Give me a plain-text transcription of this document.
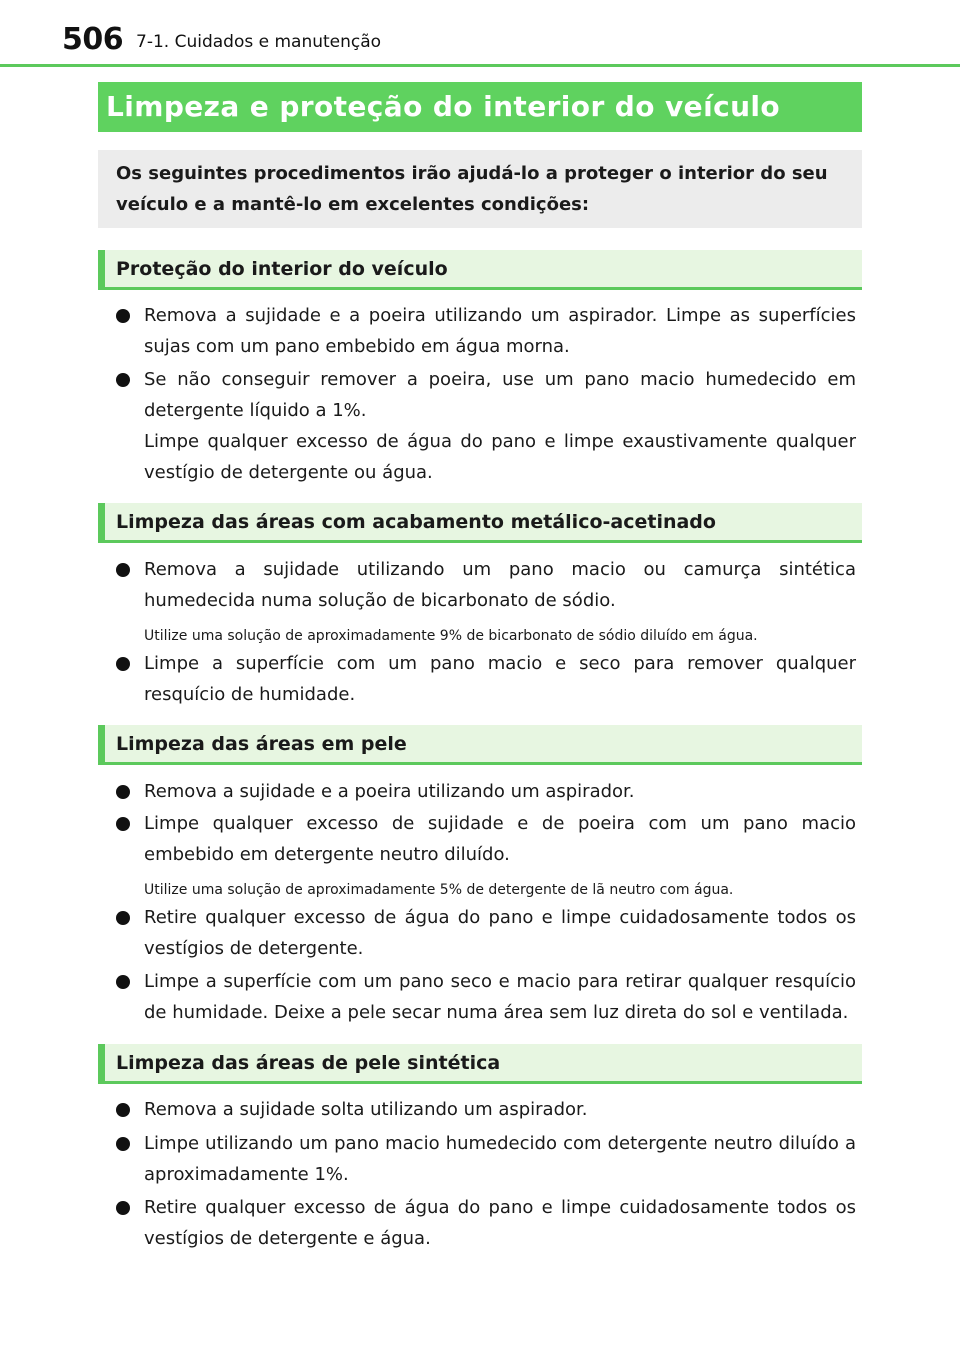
506 7-1. Cuidados e manutenção
Limpeza e proteção do interior do veículo
Os seguintes procedimentos irão ajudá-lo a proteger o interior do seu veículo e a mantê-lo em excelentes condições:
Proteção do interior do veículo
Remova a sujidade e a poeira utilizando um aspirador. Limpe as superfícies sujas com um pano embebido em água morna.
Se não conseguir remover a poeira, use um pano macio humedecido em detergente líquido a 1%.
Limpe qualquer excesso de água do pano e limpe exaustivamente qualquer vestígio de detergente ou água.
Limpeza das áreas com acabamento metálico-acetinado
Remova a sujidade utilizando um pano macio ou camurça sintética humedecida numa solução de bicarbonato de sódio.
Utilize uma solução de aproximadamente 9% de bicarbonato de sódio diluído em água.
Limpe a superfície com um pano macio e seco para remover qualquer resquício de humidade.
Limpeza das áreas em pele
Remova a sujidade e a poeira utilizando um aspirador.
Limpe qualquer excesso de sujidade e de poeira com um pano macio embebido em detergente neutro diluído.
Utilize uma solução de aproximadamente 5% de detergente de lã neutro com água.
Retire qualquer excesso de água do pano e limpe cuidadosamente todos os vestígios de detergente.
Limpe a superfície com um pano seco e macio para retirar qualquer resquício de humidade. Deixe a pele secar numa área sem luz direta do sol e ventilada.
Limpeza das áreas de pele sintética
Remova a sujidade solta utilizando um aspirador.
Limpe utilizando um pano macio humedecido com detergente neutro diluído a aproximadamente 1%.
Retire qualquer excesso de água do pano e limpe cuidadosamente todos os vestígios de detergente e água.
